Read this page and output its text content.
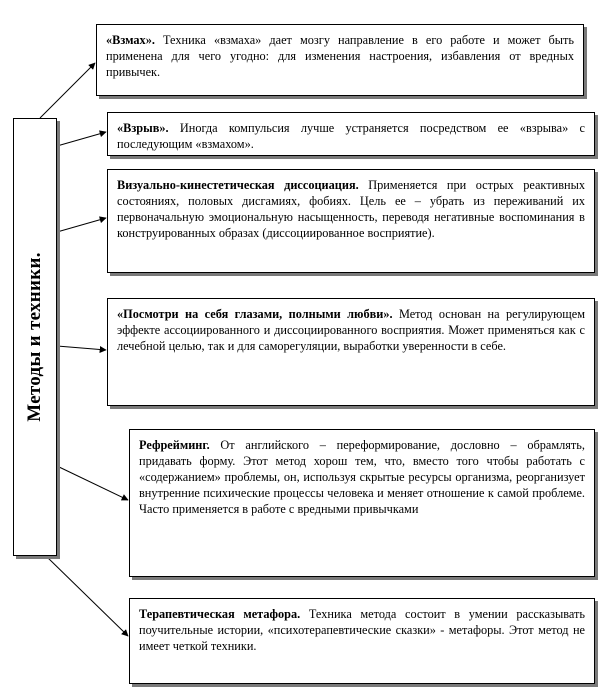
Методы и техники.
«Взмах». Техника «взмаха» дает мозгу направление в его работе и может быть применена для чего угодно: для изменения настроения, избавления от вредных привычек.
«Взрыв». Иногда компульсия лучше устраняется посредством ее «взрыва» с последующим «взмахом».
Визуально-кинестетическая диссоциация. Применяется при острых реактивных состояниях, половых дисгамиях, фобиях. Цель ее – убрать из переживаний их первоначальную эмоциональную насыщенность, переводя негативные воспоминания в конструированных образах (диссоциированное восприятие).
«Посмотри на себя глазами, полными любви». Метод основан на регулирующем эффекте ассоциированного и диссоциированного восприятия. Может применяться как с лечебной целью, так и для саморегуляции, выработки уверенности в себе.
Рефрейминг. От английского – переформирование, дословно – обрамлять, придавать форму. Этот метод хорош тем, что, вместо того чтобы работать с «содержанием» проблемы, он, используя скрытые ресурсы организма, реорганизует внутренние психические процессы человека и меняет отношение к самой проблеме. Часто применяется в работе с вредными привычками
Терапевтическая метафора. Техника метода состоит в умении рассказывать поучительные истории, «психотерапевтические сказки» - метафоры. Этот метод не имеет четкой техники.
